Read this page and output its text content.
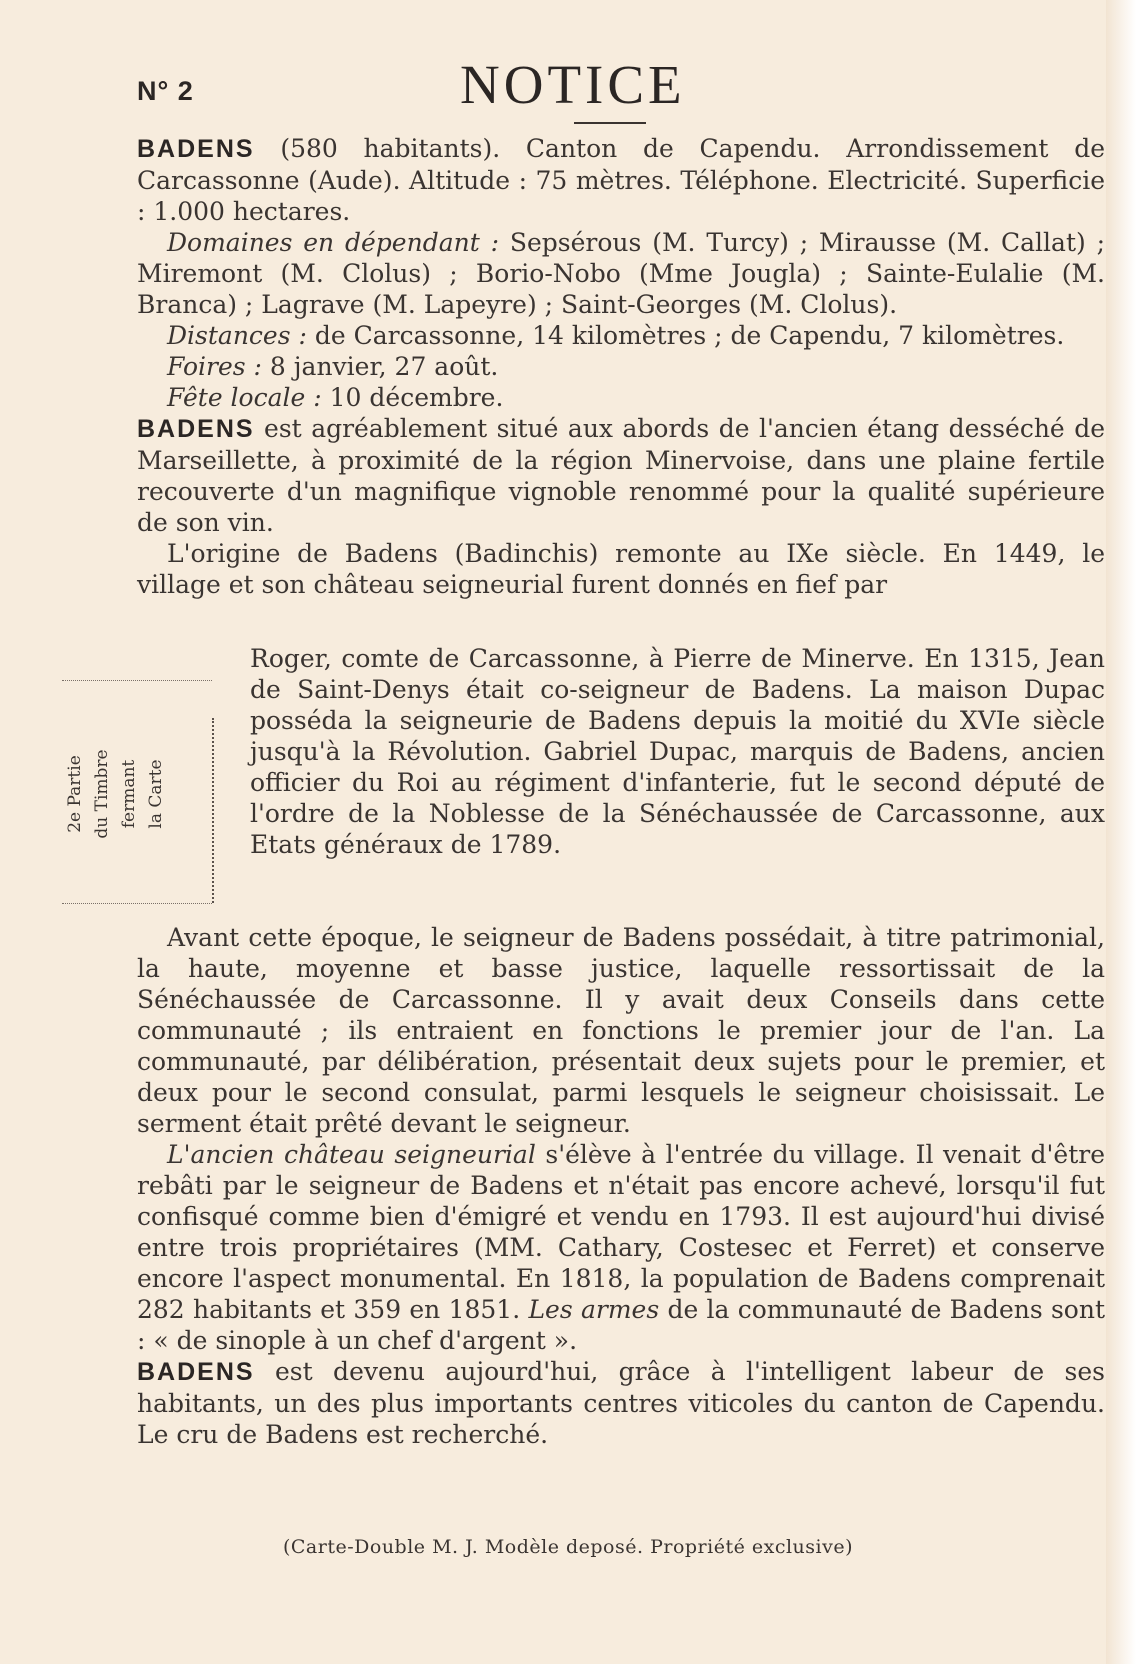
N° 2	NOTICE

BADENS (580 habitants). Canton de Capendu. Arrondissement de Carcassonne (Aude). Altitude : 75 mètres. Téléphone. Electricité. Superficie : 1.000 hectares.

Domaines en dépendant : Sepsérous (M. Turcy) ; Mirausse (M. Callat) ; Miremont (M. Clolus) ; Borio-Nobo (Mme Jougla) ; Sainte-Eulalie (M. Branca) ; Lagrave (M. Lapeyre) ; Saint-Georges (M. Clolus).

Distances : de Carcassonne, 14 kilomètres ; de Capendu, 7 kilomètres.

Foires : 8 janvier, 27 août.

Fête locale : 10 décembre.

BADENS est agréablement situé aux abords de l'ancien étang desséché de Marseillette, à proximité de la région Minervoise, dans une plaine fertile recouverte d'un magnifique vignoble renommé pour la qualité supérieure de son vin.

L'origine de Badens (Badinchis) remonte au IXe siècle. En 1449, le village et son château seigneurial furent donnés en fief par

2e Partie du Timbre fermant la Carte

Roger, comte de Carcassonne, à Pierre de Minerve. En 1315, Jean de Saint-Denys était co-seigneur de Badens. La maison Dupac posséda la seigneurie de Badens depuis la moitié du XVIe siècle jusqu'à la Révolution. Gabriel Dupac, marquis de Badens, ancien officier du Roi au régiment d'infanterie, fut le second député de l'ordre de la Noblesse de la Sénéchaussée de Carcassonne, aux Etats généraux de 1789.

Avant cette époque, le seigneur de Badens possédait, à titre patrimonial, la haute, moyenne et basse justice, laquelle ressortissait de la Sénéchaussée de Carcassonne. Il y avait deux Conseils dans cette communauté ; ils entraient en fonctions le premier jour de l'an. La communauté, par délibération, présentait deux sujets pour le premier, et deux pour le second consulat, parmi lesquels le seigneur choisissait. Le serment était prêté devant le seigneur.

L'ancien château seigneurial s'élève à l'entrée du village. Il venait d'être rebâti par le seigneur de Badens et n'était pas encore achevé, lorsqu'il fut confisqué comme bien d'émigré et vendu en 1793. Il est aujourd'hui divisé entre trois propriétaires (MM. Cathary, Costesec et Ferret) et conserve encore l'aspect monumental. En 1818, la population de Badens comprenait 282 habitants et 359 en 1851. Les armes de la communauté de Badens sont : « de sinople à un chef d'argent ».

BADENS est devenu aujourd'hui, grâce à l'intelligent labeur de ses habitants, un des plus importants centres viticoles du canton de Capendu. Le cru de Badens est recherché.

(Carte-Double M. J. Modèle deposé. Propriété exclusive)
